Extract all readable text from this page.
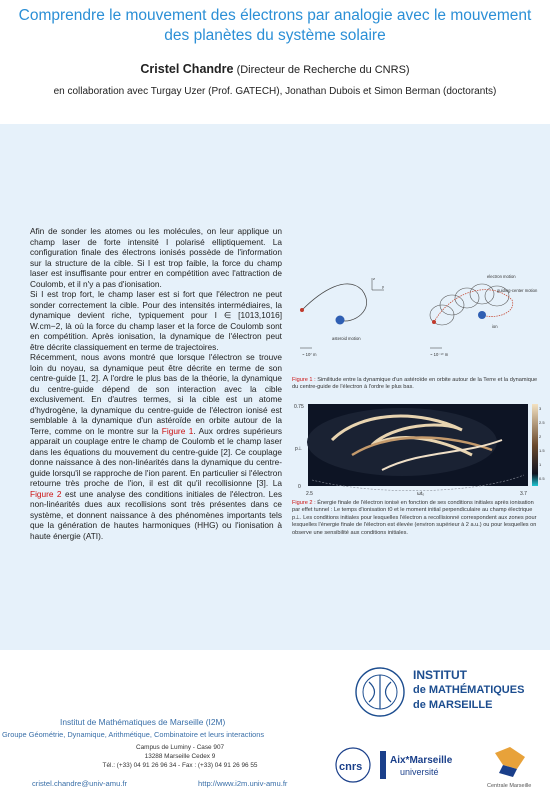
Comprendre le mouvement des électrons par analogie avec le mouvement des planètes du système solaire
Cristel Chandre (Directeur de Recherche du CNRS)
en collaboration avec Turgay Uzer (Prof. GATECH), Jonathan Dubois et Simon Berman (doctorants)

Afin de sonder les atomes ou les molécules, on leur applique un champ laser de forte intensité I polarisé elliptiquement. La configuration finale des électrons ionisés possède de l'information sur la structure de la cible. Si I est trop faible, la force du champ laser est insuffisante pour entrer en compétition avec l'attraction de Coulomb, et il n'y a pas d'ionisation.

Si I est trop fort, le champ laser est si fort que l'électron ne peut sonder correctement la cible. Pour des intensités intermédiaires, la dynamique devient riche, typiquement pour I ∈ [1013,1016] W.cm−2, là où la force du champ laser et la force de Coulomb sont en compétition. Après ionisation, la dynamique de l'électron peut être décrite classiquement en terme de trajectoires.

Récemment, nous avons montré que lorsque l'électron se trouve loin du noyau, sa dynamique peut être décrite en terme de son centre-guide [1, 2]. A l'ordre le plus bas de la théorie, la dynamique du centre-guide dépend de son interaction avec la cible exclusivement. En d'autres termes, si la cible est un atome d'hydrogène, la dynamique du centre-guide de l'électron ionisé est semblable à la dynamique d'un astéroïde en orbite autour de la Terre, comme on le montre sur la Figure 1. Aux ordres supérieurs apparait un couplage entre le champ de Coulomb et le champ laser dans les équations du mouvement du centre-guide [2]. Ce couplage donne naissance à des non-linéarités dans la dynamique du centre-guide lorsqu'il se rapproche de l'ion parent. En particulier si l'électron retourne très proche de l'ion, il est dit qu'il recollisionne [3]. La Figure 2 est une analyse des conditions initiales de l'électron. Les non-linéarités dues aux recollisions sont très présentes dans ce système, et donnent naissance à des phénomènes importants tels que la génération de hautes harmoniques (HHG) ou l'ionisation à haute énergie (ATI).

z
y
asteroid motion
~ 10⁷ m
electron motion
guiding-center motion
ion
~ 10⁻¹⁰ m
Figure 1 : Similitude entre la dynamique d'un astéroïde en orbite autour de la Terre et la dynamique du centre-guide de l'électron à l'ordre le plus bas.
0.75
0
p⊥
3
2.5
2
1.5
1
0.5
2.5	ωt₀	3.7
Figure 2 : Énergie finale de l'électron ionisé en fonction de ses conditions initiales après ionisation par effet tunnel : Le temps d'ionisation t0 et le moment initial perpendiculaire au champ électrique p⊥. Les conditions initiales pour lesquelles l'électron a recollisionné correspondent aux zones pour lesquelles l'énergie finale de l'électron est élevée (environ supérieur à 2 a.u.) ou pour lesquelles on observe une sensibilité aux conditions initiales.
Institut de Mathématiques de Marseille (I2M)
Groupe Géométrie, Dynamique, Arithmétique, Combinatoire et leurs interactions
Campus de Luminy - Case 907
13288 Marseille Cedex 9
Tél.: (+33) 04 91 26 96 34 - Fax : (+33) 04 91 26 96 55
cristel.chandre@univ-amu.fr	http://www.i2m.univ-amu.fr
INSTITUT
de MATHÉMATIQUES
de MARSEILLE
cnrs
Aix*Marseille
université
Centrale Marseille
